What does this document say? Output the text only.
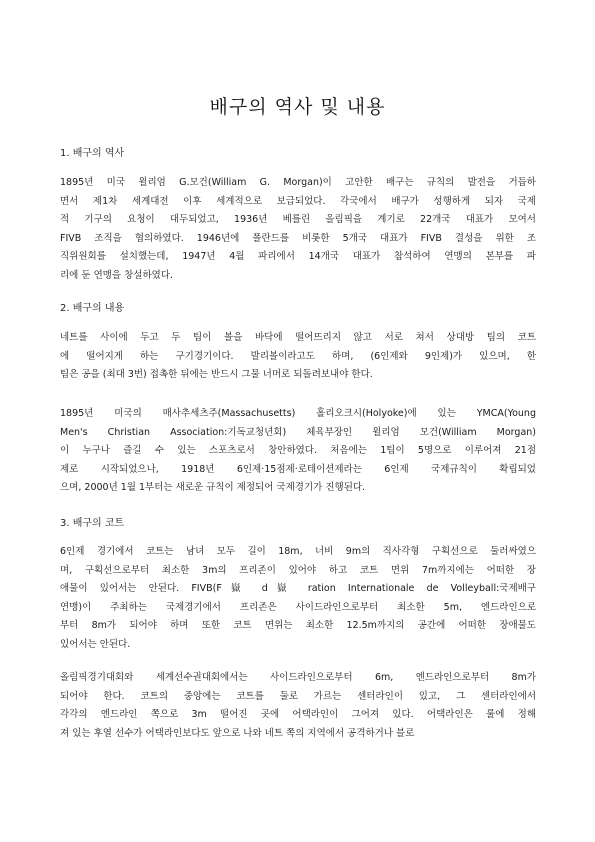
배구의 역사 및 내용
1. 배구의 역사
1895년 미국 윌리엄 G.모건(William G. Morgan)이 고안한 배구는 규칙의 발전을 거듭하
면서 제1차 세계대전 이후 세계적으로 보급되었다. 각국에서 배구가 성행하게 되자 국제
적 기구의 요청이 대두되었고, 1936년 베를린 올림픽을 계기로 22개국 대표가 모여서
FIVB 조직을 협의하였다. 1946년에 폴란드를 비롯한 5개국 대표가 FIVB 결성을 위한 조
직위원회를 설치했는데, 1947년 4월 파리에서 14개국 대표가 참석하여 연맹의 본부를 파
리에 둔 연맹을 창설하였다.
2. 배구의 내용
네트를 사이에 두고 두 팀이 볼을 바닥에 떨어뜨리지 않고 서로 쳐서 상대방 팀의 코트
에 떨어지게 하는 구기경기이다. 발리볼이라고도 하며, (6인제와 9인제)가 있으며, 한
팀은 공을 (최대 3번) 접촉한 뒤에는 반드시 그물 너머로 되돌려보내야 한다.
1895년 미국의 매사추세츠주(Massachusetts) 홀리오크시(Holyoke)에 있는 YMCA(Young
Men's Christian Association:기독교청년회) 체육부장인 윌리엄 모건(William Morgan)
이 누구나 즐길 수 있는 스포츠로서 창안하였다. 처음에는 1팀이 5명으로 이루어져 21점
제로 시작되었으나, 1918년 6인제·15점제·로테이션제라는 6인제 국제규칙이 확립되었
으며, 2000년 1월 1부터는 새로운 규칙이 제정되어 국제경기가 진행된다.
3. 배구의 코트
6인제 경기에서 코트는 남녀 모두 길이 18m, 너비 9m의 직사각형 구획선으로 둘러싸였으
며, 구획선으로부터 최소한 3m의 프리존이 있어야 하고 코트 면위 7m까지에는 어떠한 장
애물이 있어서는 안된다. FIVB(F嶽 d嶽 ration Internationale de Volleyball:국제배구
연맹)이 주최하는 국제경기에서 프리존은 사이드라인으로부터 최소한 5m, 엔드라인으로
부터 8m가 되어야 하며 또한 코트 면위는 최소한 12.5m까지의 공간에 어떠한 장애물도
있어서는 안된다.
올림픽경기대회와 세계선수권대회에서는 사이드라인으로부터 6m, 엔드라인으로부터 8m가
되어야 한다. 코트의 중앙에는 코트를 둘로 가르는 센터라인이 있고, 그 센터라인에서
각각의 엔드라인 쪽으로 3m 떨어진 곳에 어택라인이 그어져 있다. 어택라인은 룰에 정해
져 있는 후열 선수가 어택라인보다도 앞으로 나와 네트 쪽의 지역에서 공격하거나 블로
